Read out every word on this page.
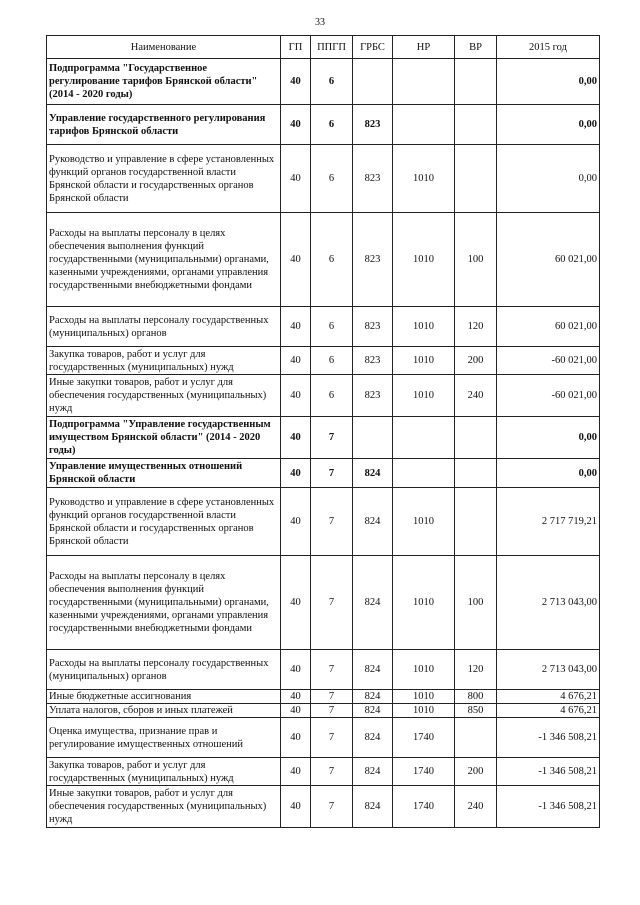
33
Наименование	ГП	ППГП	ГРБС	НР	ВР	2015 год
Подпрограмма "Государственное регулирование тарифов Брянской области" (2014 - 2020 годы)	40	6				0,00
Управление государственного регулирования тарифов Брянской области	40	6	823			0,00
Руководство и управление в сфере установленных функций органов государственной власти Брянской области и государственных органов Брянской области	40	6	823	1010		0,00
Расходы на выплаты персоналу в целях обеспечения выполнения функций государственными (муниципальными) органами, казенными учреждениями, органами управления государственными внебюджетными фондами	40	6	823	1010	100	60 021,00
Расходы на выплаты персоналу государственных (муниципальных) органов	40	6	823	1010	120	60 021,00
Закупка товаров, работ и услуг для государственных (муниципальных) нужд	40	6	823	1010	200	-60 021,00
Иные закупки товаров, работ и услуг для обеспечения государственных (муниципальных) нужд	40	6	823	1010	240	-60 021,00
Подпрограмма "Управление государственным имуществом Брянской области" (2014 - 2020 годы)	40	7				0,00
Управление имущественных отношений Брянской области	40	7	824			0,00
Руководство и управление в сфере установленных функций органов государственной власти Брянской области и государственных органов Брянской области	40	7	824	1010		2 717 719,21
Расходы на выплаты персоналу в целях обеспечения выполнения функций государственными (муниципальными) органами, казенными учреждениями, органами управления государственными внебюджетными фондами	40	7	824	1010	100	2 713 043,00
Расходы на выплаты персоналу государственных (муниципальных) органов	40	7	824	1010	120	2 713 043,00
Иные бюджетные ассигнования	40	7	824	1010	800	4 676,21
Уплата налогов, сборов и иных платежей	40	7	824	1010	850	4 676,21
Оценка имущества, признание прав и регулирование имущественных отношений	40	7	824	1740		-1 346 508,21
Закупка товаров, работ и услуг для государственных (муниципальных) нужд	40	7	824	1740	200	-1 346 508,21
Иные закупки товаров, работ и услуг для обеспечения государственных (муниципальных) нужд	40	7	824	1740	240	-1 346 508,21
